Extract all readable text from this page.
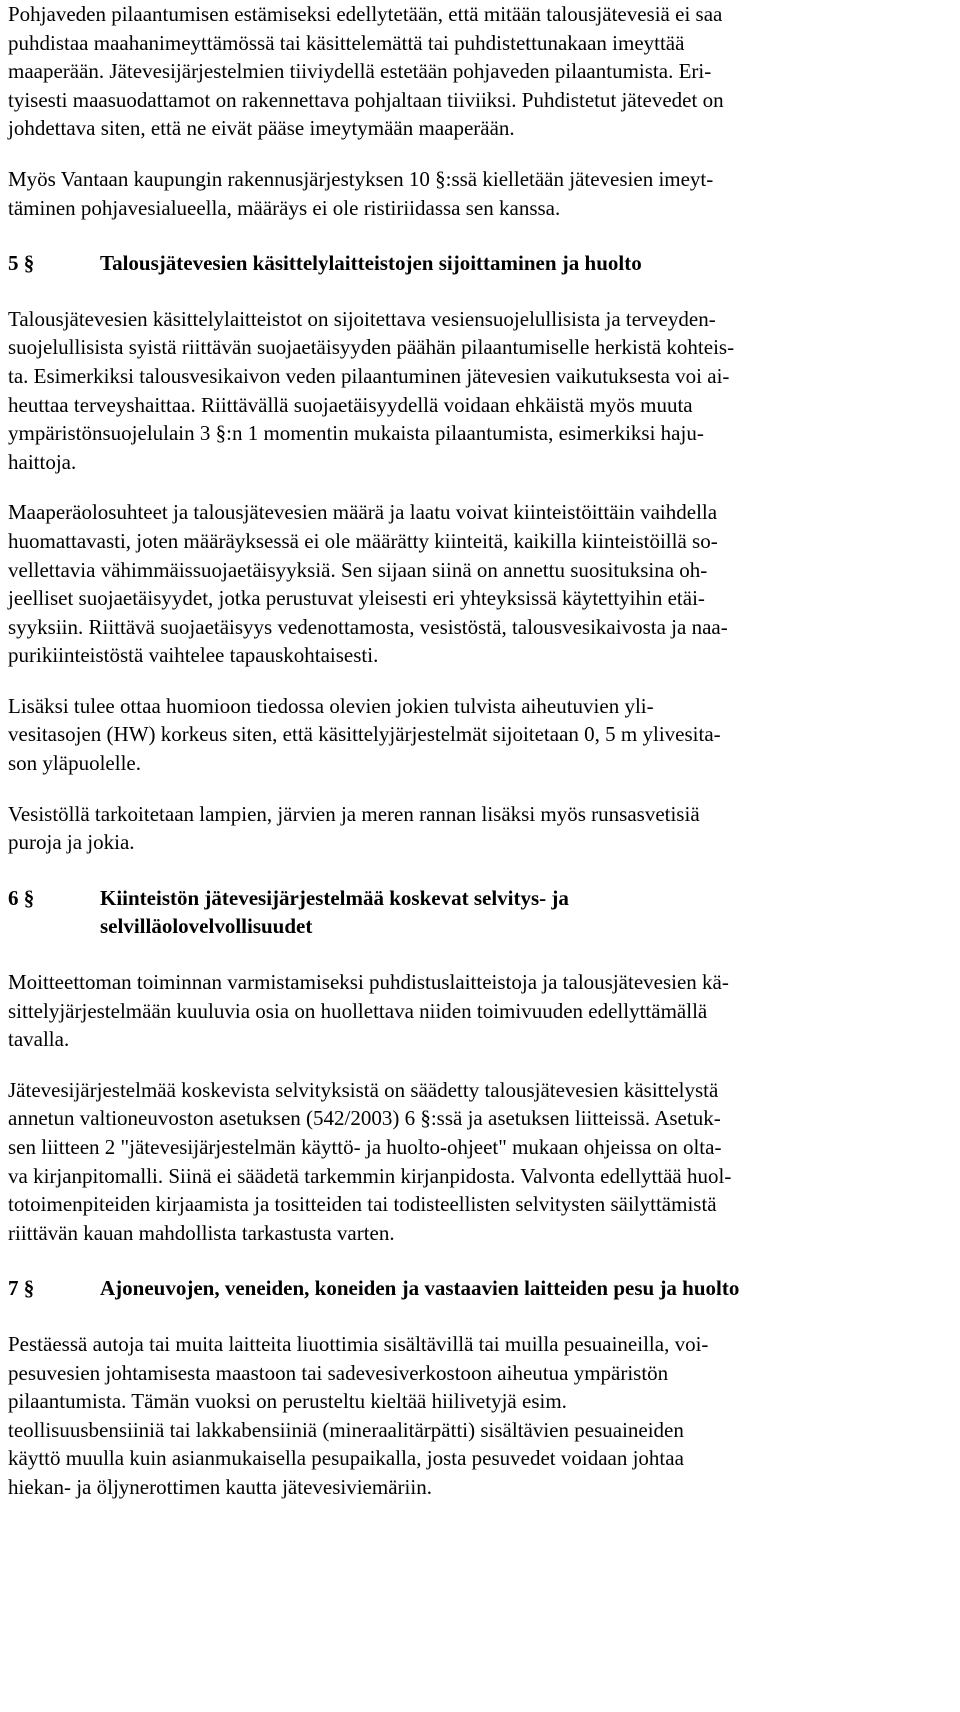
Pohjaveden pilaantumisen estämiseksi edellytetään, että mitään talousjätevesiä ei saa
puhdistaa maahanimeyttämössä tai käsittelemättä tai puhdistettunakaan imeyttää
maaperään. Jätevesijärjestelmien tiiviydellä estetään pohjaveden pilaantumista. Eri-
tyisesti maasuodattamot on rakennettava pohjaltaan tiiviiksi. Puhdistetut jätevedet on
johdettava siten, että ne eivät pääse imeytymään maaperään.

Myös Vantaan kaupungin rakennusjärjestyksen 10 §:ssä kielletään jätevesien imeyt-
täminen pohjavesialueella, määräys ei ole ristiriidassa sen kanssa.

5 §	Talousjätevesien käsittelylaitteistojen sijoittaminen ja huolto

Talousjätevesien käsittelylaitteistot on sijoitettava vesiensuojelullisista ja terveyden-
suojelullisista syistä riittävän suojaetäisyyden päähän pilaantumiselle herkistä kohteis-
ta. Esimerkiksi talousvesikaivon veden pilaantuminen jätevesien vaikutuksesta voi ai-
heuttaa terveyshaittaa. Riittävällä suojaetäisyydellä voidaan ehkäistä myös muuta
ympäristönsuojelulain 3 §:n 1 momentin mukaista pilaantumista, esimerkiksi haju-
haittoja.

Maaperäolosuhteet ja talousjätevesien määrä ja laatu voivat kiinteistöittäin vaihdella
huomattavasti, joten määräyksessä ei ole määrätty kiinteitä, kaikilla kiinteistöillä so-
vellettavia vähimmäissuojaetäisyyksiä. Sen sijaan siinä on annettu suosituksina oh-
jeelliset suojaetäisyydet, jotka perustuvat yleisesti eri yhteyksissä käytettyihin etäi-
syyksiin. Riittävä suojaetäisyys vedenottamosta, vesistöstä, talousvesikaivosta ja naa-
purikiinteistöstä vaihtelee tapauskohtaisesti.

Lisäksi tulee ottaa huomioon tiedossa olevien jokien tulvista aiheutuvien yli-
vesitasojen (HW) korkeus siten, että käsittelyjärjestelmät sijoitetaan 0, 5 m ylivesita-
son yläpuolelle.

Vesistöllä tarkoitetaan lampien, järvien ja meren rannan lisäksi myös runsasvetisiä
puroja ja jokia.

6 §	Kiinteistön jätevesijärjestelmää koskevat selvitys- ja
selvilläolovelvollisuudet

Moitteettoman toiminnan varmistamiseksi puhdistuslaitteistoja ja talousjätevesien kä-
sittelyjärjestelmään kuuluvia osia on huollettava niiden toimivuuden edellyttämällä
tavalla.

Jätevesijärjestelmää koskevista selvityksistä on säädetty talousjätevesien käsittelystä
annetun valtioneuvoston asetuksen (542/2003) 6 §:ssä ja asetuksen liitteissä. Asetuk-
sen liitteen 2 "jätevesijärjestelmän käyttö- ja huolto-ohjeet" mukaan ohjeissa on olta-
va kirjanpitomalli. Siinä ei säädetä tarkemmin kirjanpidosta. Valvonta edellyttää huol-
totoimenpiteiden kirjaamista ja tositteiden tai todisteellisten selvitysten säilyttämistä
riittävän kauan mahdollista tarkastusta varten.

7 §	Ajoneuvojen, veneiden, koneiden ja vastaavien laitteiden pesu ja huolto

Pestäessä autoja tai muita laitteita liuottimia sisältävillä tai muilla pesuaineilla, voi-
pesuvesien johtamisesta maastoon tai sadevesiverkostoon aiheutua ympäristön
pilaantumista. Tämän vuoksi on perusteltu kieltää hiilivetyjä esim.
teollisuusbensiiniä tai lakkabensiiniä (mineraalitärpätti) sisältävien pesuaineiden
käyttö muulla kuin asianmukaisella pesupaikalla, josta pesuvedet voidaan johtaa
hiekan- ja öljynerottimen kautta jätevesiviemäriin.
